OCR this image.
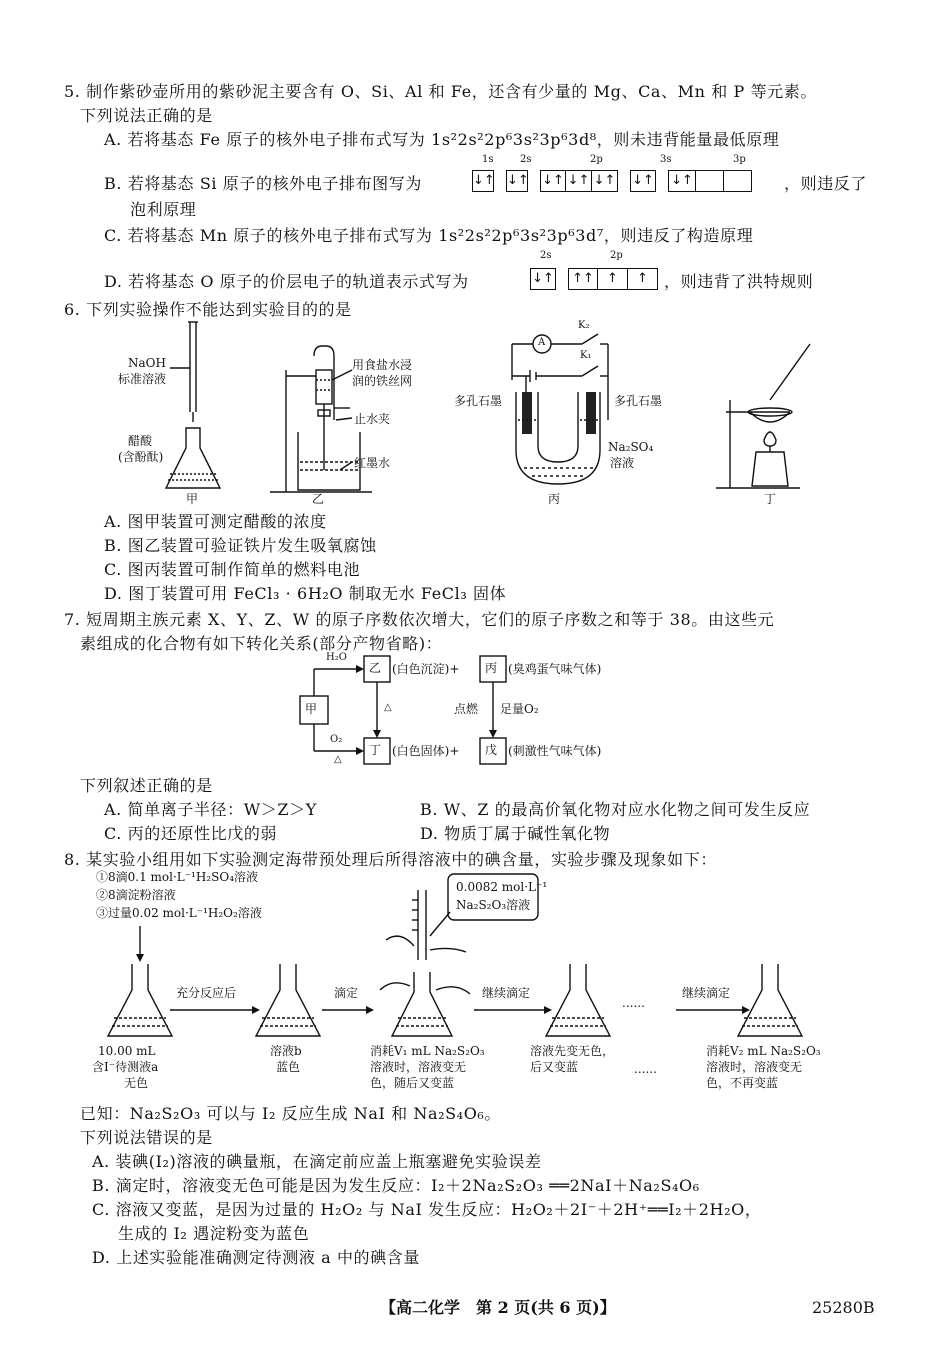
5. 制作紫砂壶所用的紫砂泥主要含有 O、Si、Al 和 Fe，还含有少量的 Mg、Ca、Mn 和 P 等元素。
下列说法正确的是
A. 若将基态 Fe 原子的核外电子排布式写为 1s²2s²2p⁶3s²3p⁶3d⁸，则未违背能量最低原理
1s	2s	2p	3s	3p
B. 若将基态 Si 原子的核外电子排布图写为	↓↑ ↓↑ ↓↑ ↓↑ ↓↑ ↓↑ ↓↑	，则违反了
泡利原理
C. 若将基态 Mn 原子的核外电子排布式写为 1s²2s²2p⁶3s²3p⁶3d⁷，则违反了构造原理
2s	2p
D. 若将基态 O 原子的价层电子的轨道表示式写为	↓↑	↑↑	↑	↑	，则违背了洪特规则
6. 下列实验操作不能达到实验目的的是
NaOH
标准溶液
醋酸
(含酚酞)
甲
用食盐水浸
润的铁丝网
止水夹
红墨水
乙
A
K₂
K₁
多孔石墨	多孔石墨
Na₂SO₄
溶液
丙	丁
A. 图甲装置可测定醋酸的浓度
B. 图乙装置可验证铁片发生吸氧腐蚀
C. 图丙装置可制作简单的燃料电池
D. 图丁装置可用 FeCl₃ · 6H₂O 制取无水 FeCl₃ 固体
7. 短周期主族元素 X、Y、Z、W 的原子序数依次增大，它们的原子序数之和等于 38。由这些元
素组成的化合物有如下转化关系(部分产物省略)：
甲
乙	丙
丁	戊
H₂O
O₂
△
△
(白色沉淀)+	(臭鸡蛋气味气体)
(白色固体)+	(刺激性气味气体)
点燃 足量O₂
下列叙述正确的是
A. 简单离子半径：W＞Z＞Y	B. W、Z 的最高价氧化物对应水化物之间可发生反应
C. 丙的还原性比戊的弱	D. 物质丁属于碱性氧化物
8. 某实验小组用如下实验测定海带预处理后所得溶液中的碘含量，实验步骤及现象如下：
①8滴0.1 mol·L⁻¹H₂SO₄溶液
②8滴淀粉溶液
③过量0.02 mol·L⁻¹H₂O₂溶液
0.0082 mol·L⁻¹
Na₂S₂O₃溶液
充分反应后	滴定	继续滴定
......
继续滴定
10.00 mL
含I⁻待测液a
无色
溶液b
蓝色
消耗V₁ mL Na₂S₂O₃
溶液时，溶液变无
色，随后又变蓝
溶液先变无色，
后又变蓝	......
消耗V₂ mL Na₂S₂O₃
溶液时，溶液变无
色，不再变蓝
已知：Na₂S₂O₃ 可以与 I₂ 反应生成 NaI 和 Na₂S₄O₆。
下列说法错误的是
A. 装碘(I₂)溶液的碘量瓶，在滴定前应盖上瓶塞避免实验误差
B. 滴定时，溶液变无色可能是因为发生反应：I₂＋2Na₂S₂O₃ ══2NaI＋Na₂S₄O₆
C. 溶液又变蓝，是因为过量的 H₂O₂ 与 NaI 发生反应：H₂O₂＋2I⁻＋2H⁺══I₂＋2H₂O，
生成的 I₂ 遇淀粉变为蓝色
D. 上述实验能准确测定待测液 a 中的碘含量
【高二化学　第 2 页(共 6 页)】	25280B
